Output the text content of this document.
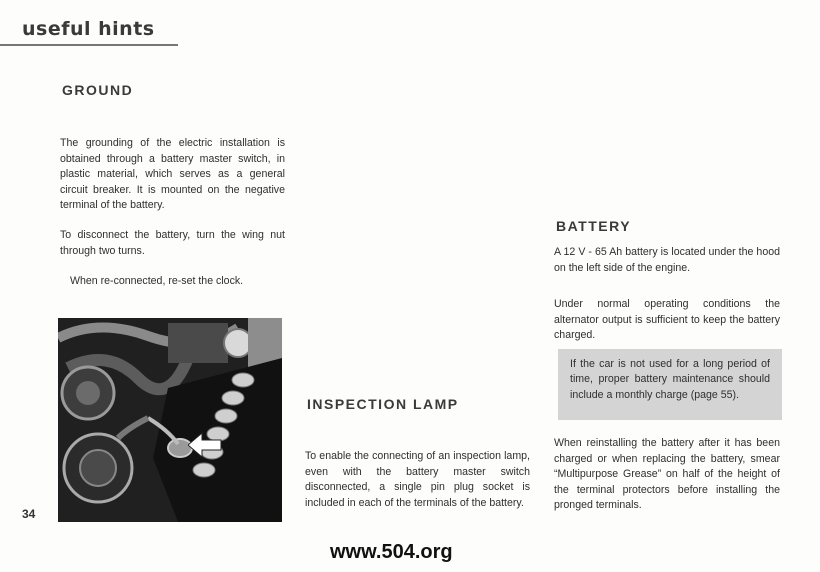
useful hints
GROUND

The grounding of the electric installation is obtained through a battery master switch, in plastic material, which serves as a general circuit breaker. It is mounted on the negative terminal of the battery.

To disconnect the battery, turn the wing nut through two turns.

When re-connected, re-set the clock.

34
INSPECTION LAMP

To enable the connecting of an inspection lamp, even with the battery master switch disconnected, a single pin plug socket is included in each of the terminals of the battery.

BATTERY

A 12 V - 65 Ah battery is located under the hood on the left side of the engine.

Under normal operating conditions the alternator output is sufficient to keep the battery charged.

If the car is not used for a long period of time, proper battery maintenance should include a monthly charge (page 55).

When reinstalling the battery after it has been charged or when replacing the battery, smear “Multipurpose Grease” on half of the height of the terminal protectors before installing the pronged terminals.

www.504.org
